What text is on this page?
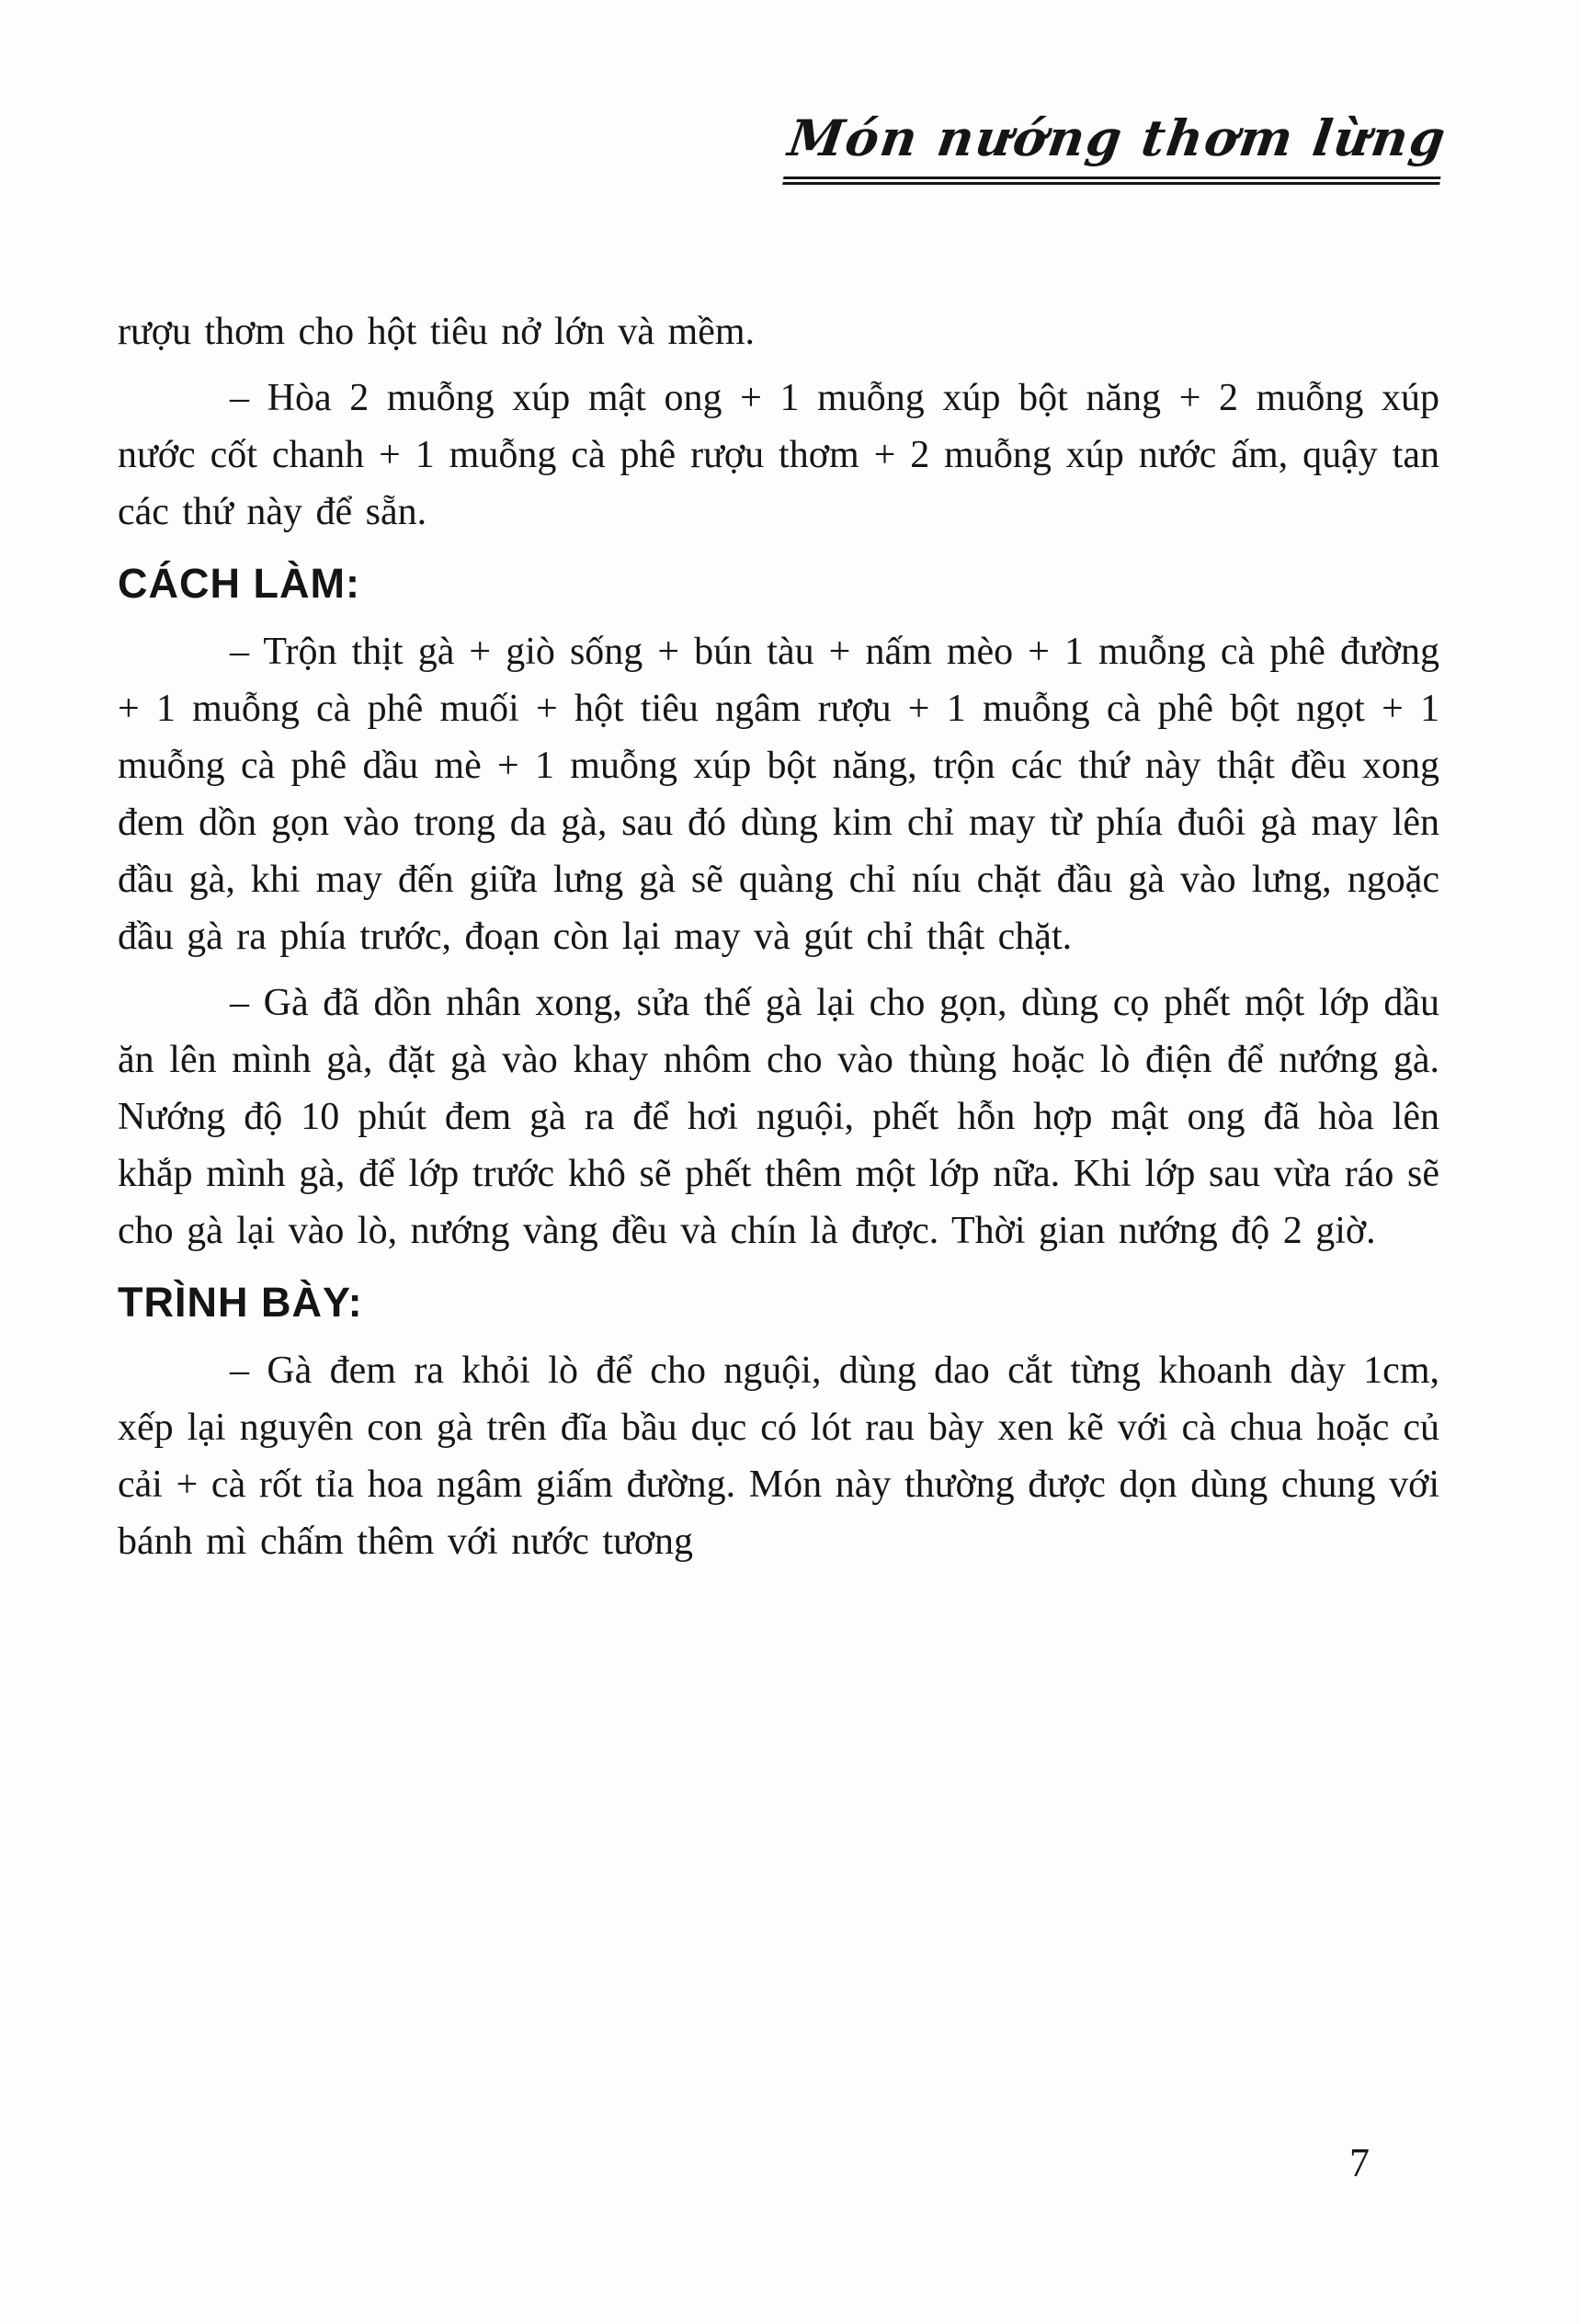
Món nướng thơm lừng

rượu thơm cho hột tiêu nở lớn và mềm.

– Hòa 2 muỗng xúp mật ong + 1 muỗng xúp bột năng + 2 muỗng xúp nước cốt chanh + 1 muỗng cà phê rượu thơm + 2 muỗng xúp nước ấm, quậy tan các thứ này để sẵn.

CÁCH LÀM:

– Trộn thịt gà + giò sống + bún tàu + nấm mèo + 1 muỗng cà phê đường + 1 muỗng cà phê muối + hột tiêu ngâm rượu + 1 muỗng cà phê bột ngọt + 1 muỗng cà phê dầu mè + 1 muỗng xúp bột năng, trộn các thứ này thật đều xong đem dồn gọn vào trong da gà, sau đó dùng kim chỉ may từ phía đuôi gà may lên đầu gà, khi may đến giữa lưng gà sẽ quàng chỉ níu chặt đầu gà vào lưng, ngoặc đầu gà ra phía trước, đoạn còn lại may và gút chỉ thật chặt.

– Gà đã dồn nhân xong, sửa thế gà lại cho gọn, dùng cọ phết một lớp dầu ăn lên mình gà, đặt gà vào khay nhôm cho vào thùng hoặc lò điện để nướng gà. Nướng độ 10 phút đem gà ra để hơi nguội, phết hỗn hợp mật ong đã hòa lên khắp mình gà, để lớp trước khô sẽ phết thêm một lớp nữa. Khi lớp sau vừa ráo sẽ cho gà lại vào lò, nướng vàng đều và chín là được. Thời gian nướng độ 2 giờ.

TRÌNH BÀY:

– Gà đem ra khỏi lò để cho nguội, dùng dao cắt từng khoanh dày 1cm, xếp lại nguyên con gà trên đĩa bầu dục có lót rau bày xen kẽ với cà chua hoặc củ cải + cà rốt tỉa hoa ngâm giấm đường. Món này thường được dọn dùng chung với bánh mì chấm thêm với nước tương

7
